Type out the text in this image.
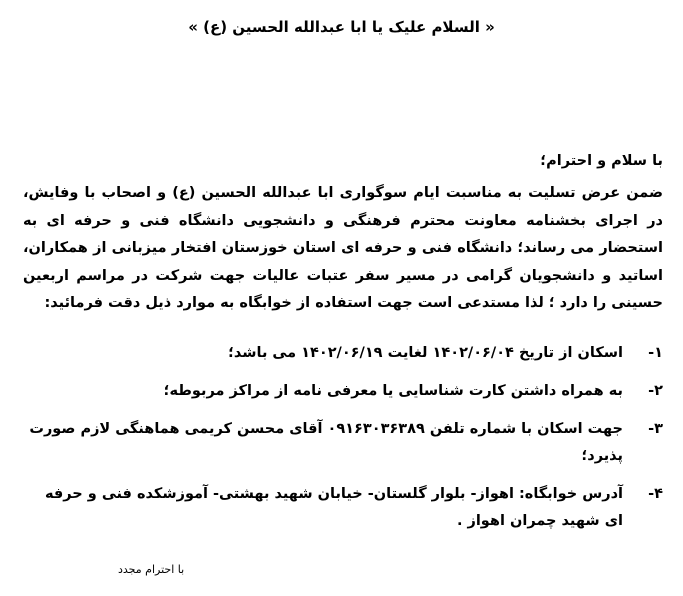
« السلام علیک یا ابا عبدالله الحسین (ع) »
با سلام و احترام؛
ضمن عرض تسلیت به مناسبت ایام سوگواری ابا عبدالله الحسین (ع) و اصحاب با وفایش، در اجرای بخشنامه معاونت محترم فرهنگی و دانشجویی دانشگاه فنی و حرفه ای به استحضار می رساند؛ دانشگاه فنی و حرفه ای استان خوزستان افتخار میزبانی از همکاران، اساتید و دانشجویان گرامی در مسیر سفر عتبات عالیات جهت شرکت در مراسم اربعین حسینی را دارد ؛ لذا مستدعی است جهت استفاده از خوابگاه به موارد ذیل دقت فرمائید:
۱-
اسکان از تاریخ ۱۴۰۲/۰۶/۰۴ لغایت ۱۴۰۲/۰۶/۱۹ می باشد؛
۲-
به همراه داشتن کارت شناسایی یا معرفی نامه از مراکز مربوطه؛
۳-
جهت اسکان با شماره تلفن ۰۹۱۶۳۰۳۶۳۸۹ آقای محسن کریمی هماهنگی لازم صورت پذیرد؛
۴-
آدرس خوابگاه: اهواز- بلوار گلستان- خیابان شهید بهشتی- آموزشکده فنی و حرفه ای شهید چمران اهواز .
با احترام مجدد
